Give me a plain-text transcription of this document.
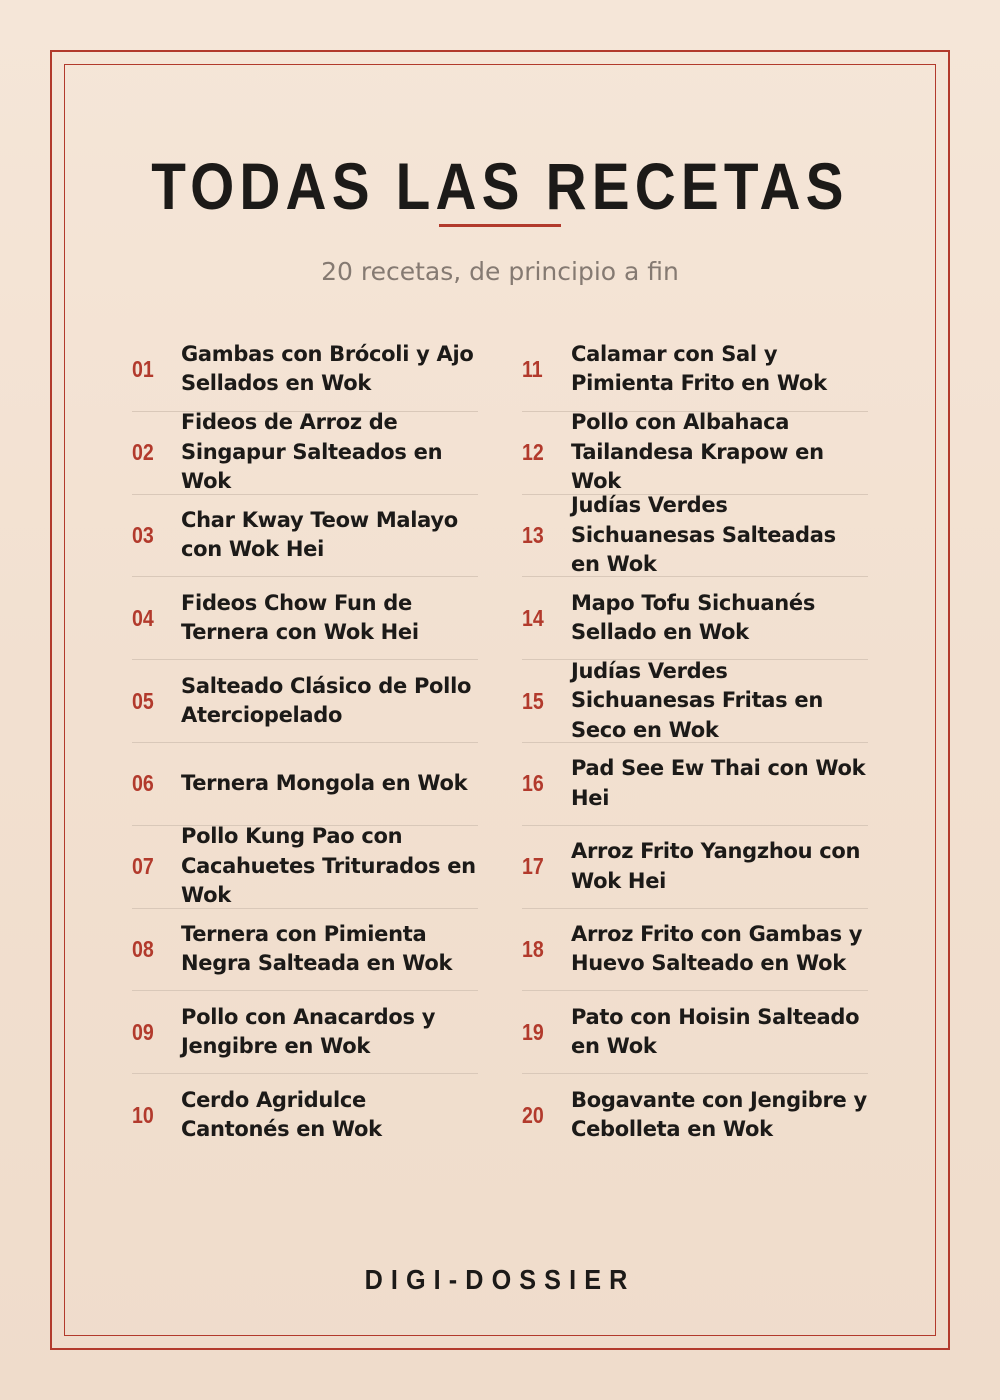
TODAS LAS RECETAS
20 recetas, de principio a fin
01
Gambas con Brócoli y Ajo Sellados en Wok
02
Fideos de Arroz de Singapur Salteados en Wok
03
Char Kway Teow Malayo con Wok Hei
04
Fideos Chow Fun de Ternera con Wok Hei
05
Salteado Clásico de Pollo Aterciopelado
06	Ternera Mongola en Wok
07
Pollo Kung Pao con Cacahuetes Triturados en Wok
08
Ternera con Pimienta Negra Salteada en Wok
09
Pollo con Anacardos y Jengibre en Wok
10
Cerdo Agridulce Cantonés en Wok
11
Calamar con Sal y Pimienta Frito en Wok
12
Pollo con Albahaca Tailandesa Krapow en Wok
13
Judías Verdes Sichuanesas Salteadas en Wok
14
Mapo Tofu Sichuanés Sellado en Wok
15
Judías Verdes Sichuanesas Fritas en Seco en Wok
16
Pad See Ew Thai con Wok Hei
17
Arroz Frito Yangzhou con Wok Hei
18
Arroz Frito con Gambas y Huevo Salteado en Wok
19
Pato con Hoisin Salteado en Wok
20
Bogavante con Jengibre y Cebolleta en Wok
DIGI-DOSSIER
